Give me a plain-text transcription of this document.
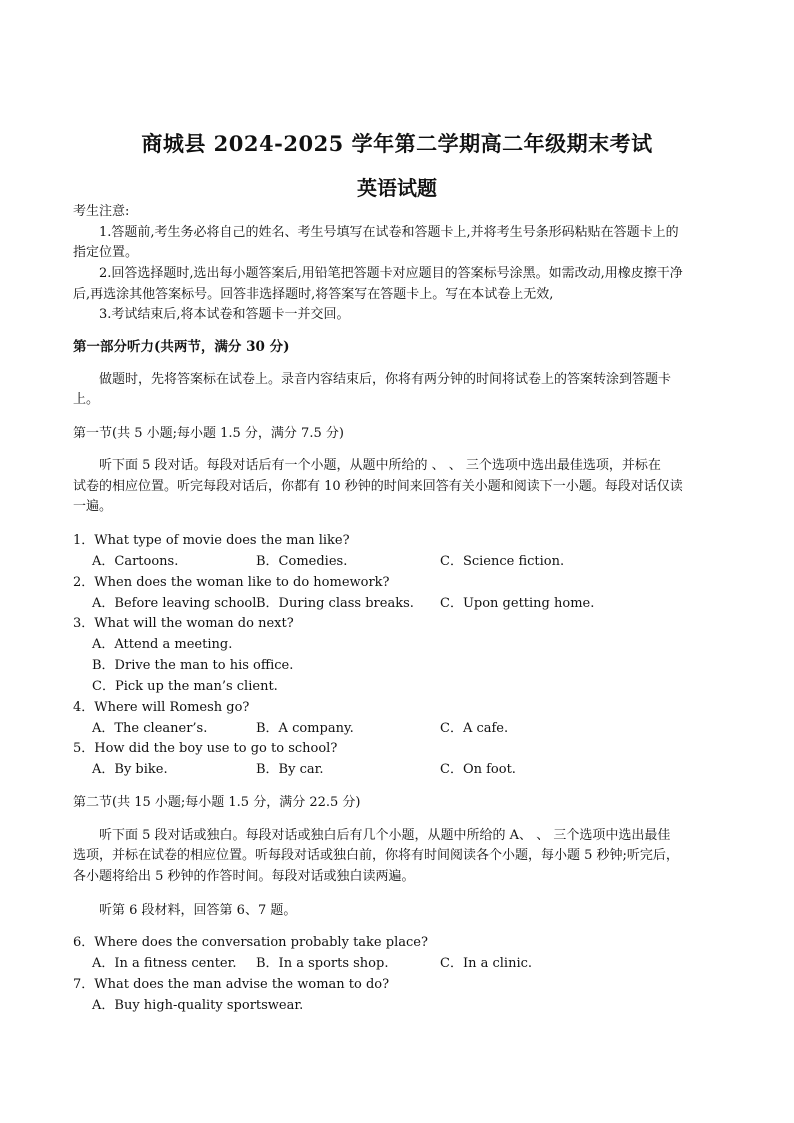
商城县 2024-2025 学年第二学期高二年级期末考试
英语试题
考生注意:
1.答题前,考生务必将自己的姓名、考生号填写在试卷和答题卡上,并将考生号条形码粘贴在答题卡上的
指定位置。
2.回答选择题时,选出每小题答案后,用铅笔把答题卡对应题目的答案标号涂黑。如需改动,用橡皮擦干净
后,再选涂其他答案标号。回答非选择题时,将答案写在答题卡上。写在本试卷上无效,
3.考试结束后,将本试卷和答题卡一并交回。
第一部分听力(共两节，满分 30 分)
做题时，先将答案标在试卷上。录音内容结束后，你将有两分钟的时间将试卷上的答案转涂到答题卡
上。
第一节(共 5 小题;每小题 1.5 分，满分 7.5 分)
听下面 5 段对话。每段对话后有一个小题，从题中所给的 、 、 三个选项中选出最佳选项，并标在
试卷的相应位置。听完每段对话后，你都有 10 秒钟的时间来回答有关小题和阅读下一小题。每段对话仅读
一遍。
1．What type of movie does the man like?
A．Cartoons.	B．Comedies.	C．Science fiction.
2．When does the woman like to do homework?
A．Before leaving school.
B．During class breaks. C．Upon getting home.
3．What will the woman do next?
A．Attend a meeting.
B．Drive the man to his office.
C．Pick up the man’s client.
4．Where will Romesh go?
A．The cleaner’s.	B．A company.	C．A cafe.
5．How did the boy use to go to school?
A．By bike.	B．By car.	C．On foot.
第二节(共 15 小题;每小题 1.5 分，满分 22.5 分)
听下面 5 段对话或独白。每段对话或独白后有几个小题，从题中所给的 A、 、 三个选项中选出最佳
选项，并标在试卷的相应位置。听每段对话或独白前，你将有时间阅读各个小题，每小题 5 秒钟;听完后，
各小题将给出 5 秒钟的作答时间。每段对话或独白读两遍。
听第 6 段材料，回答第 6、7 题。
6．Where does the conversation probably take place?
A．In a fitness center. B．In a sports shop.	C．In a clinic.
7．What does the man advise the woman to do?
A．Buy high-quality sportswear.
